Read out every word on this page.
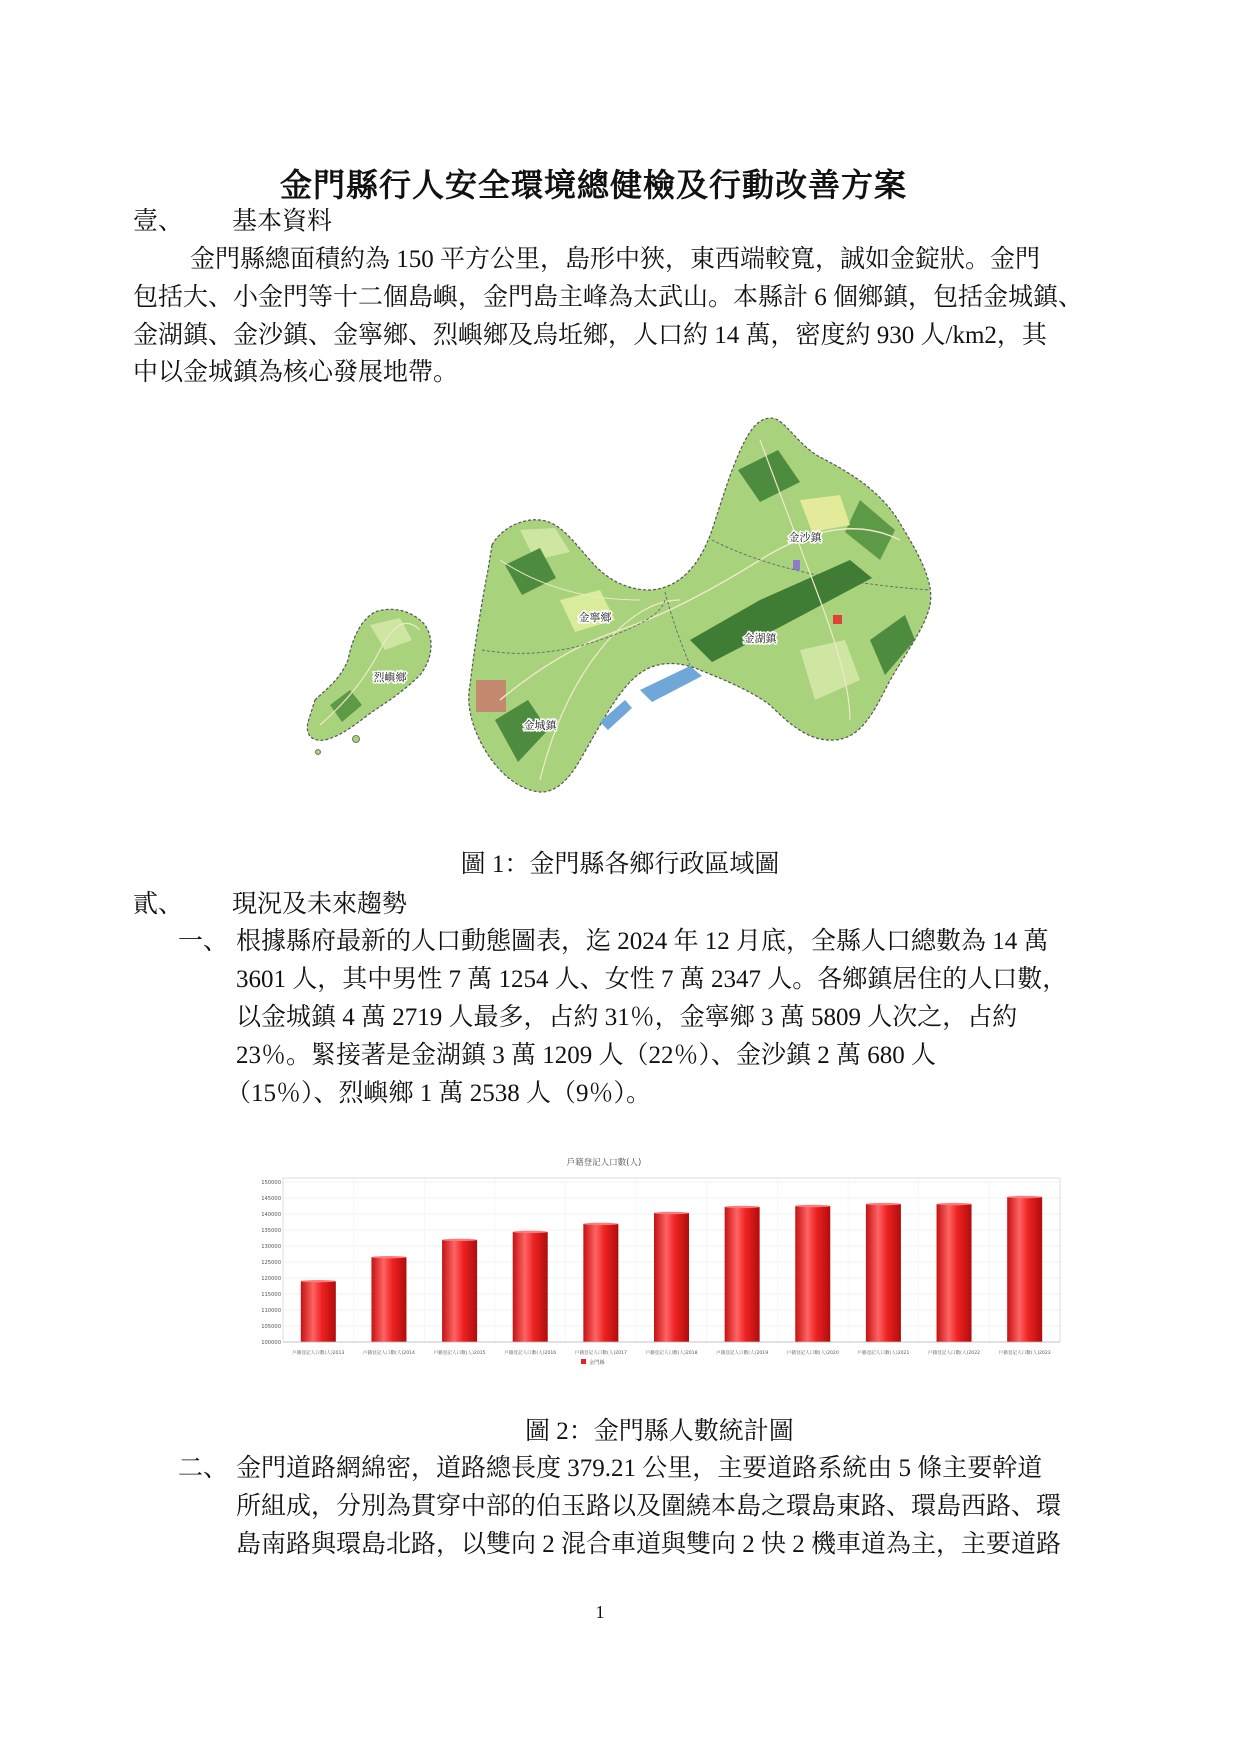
金門縣行人安全環境總健檢及行動改善方案
壹、 基本資料
金門縣總面積約為 150 平方公里，島形中狹，東西端較寬，誠如金錠狀。金門
包括大、小金門等十二個島嶼，金門島主峰為太武山。本縣計 6 個鄉鎮，包括金城鎮、
金湖鎮、金沙鎮、金寧鄉、烈嶼鄉及烏坵鄉，人口約 14 萬，密度約 930 人/km2，其
中以金城鎮為核心發展地帶。
金沙鎮
金寧鄉
金湖鎮
烈嶼鄉
金城鎮
圖 1：金門縣各鄉行政區域圖
貳、 現況及未來趨勢
一、 根據縣府最新的人口動態圖表，迄 2024 年 12 月底，全縣人口總數為 14 萬
3601 人，其中男性 7 萬 1254 人、女性 7 萬 2347 人。各鄉鎮居住的人口數，
以金城鎮 4 萬 2719 人最多，占約 31％，金寧鄉 3 萬 5809 人次之，占約
23％。緊接著是金湖鎮 3 萬 1209 人（22％）、金沙鎮 2 萬 680 人
（15％）、烈嶼鄉 1 萬 2538 人（9％）。
150000
145000
140000
135000
130000
125000
120000
115000
110000
105000
100000
戶籍登記人口數(人)2013	戶籍登記人口數(人)2014	戶籍登記人口數(人)2015	戶籍登記人口數(人)2016	戶籍登記人口數(人)2017	戶籍登記人口數(人)2018	戶籍登記人口數(人)2019	戶籍登記人口數(人)2020	戶籍登記人口數(人)2021	戶籍登記人口數(人)2022	戶籍登記人口數(人)2023
戶籍登記人口數(人)
金門縣
圖 2：金門縣人數統計圖
二、 金門道路網綿密，道路總長度 379.21 公里，主要道路系統由 5 條主要幹道
所組成，分別為貫穿中部的伯玉路以及圍繞本島之環島東路、環島西路、環
島南路與環島北路，以雙向 2 混合車道與雙向 2 快 2 機車道為主，主要道路
1
